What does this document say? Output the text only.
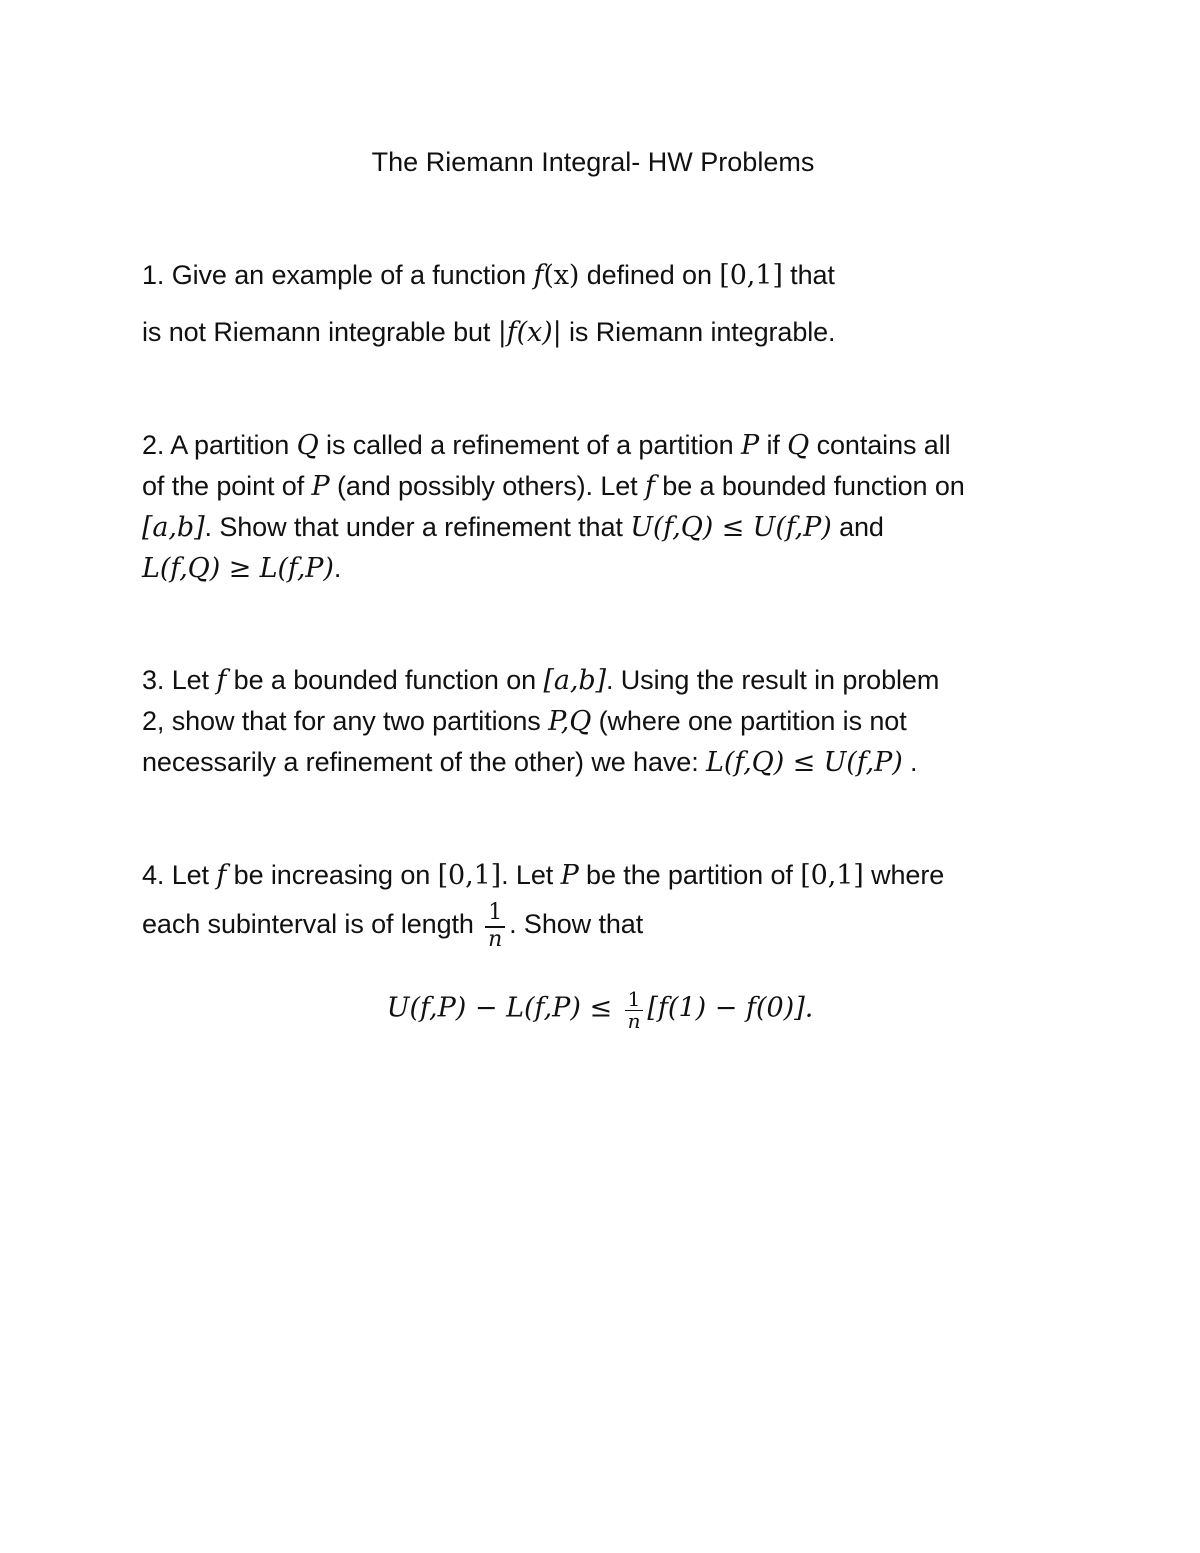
The Riemann Integral- HW Problems
1. Give an example of a function f(x) defined on [0,1] that
is not Riemann integrable but |f(x)| is Riemann integrable.
2. A partition Q is called a refinement of a partition P if Q contains all
of the point of P (and possibly others). Let f be a bounded function on
[a,b]. Show that under a refinement that U(f,Q) ≤ U(f,P) and
L(f,Q) ≥ L(f,P).
3. Let f be a bounded function on [a,b]. Using the result in problem
2, show that for any two partitions P,Q (where one partition is not
necessarily a refinement of the other) we have: L(f,Q) ≤ U(f,P) .
4. Let f be increasing on [0,1]. Let P be the partition of [0,1] where
each subinterval is of length $\frac{1}{n}$ . Show that
$U(f,P) - L(f,P) \le \frac{1}{n} [f(1) - f(0)]$.
